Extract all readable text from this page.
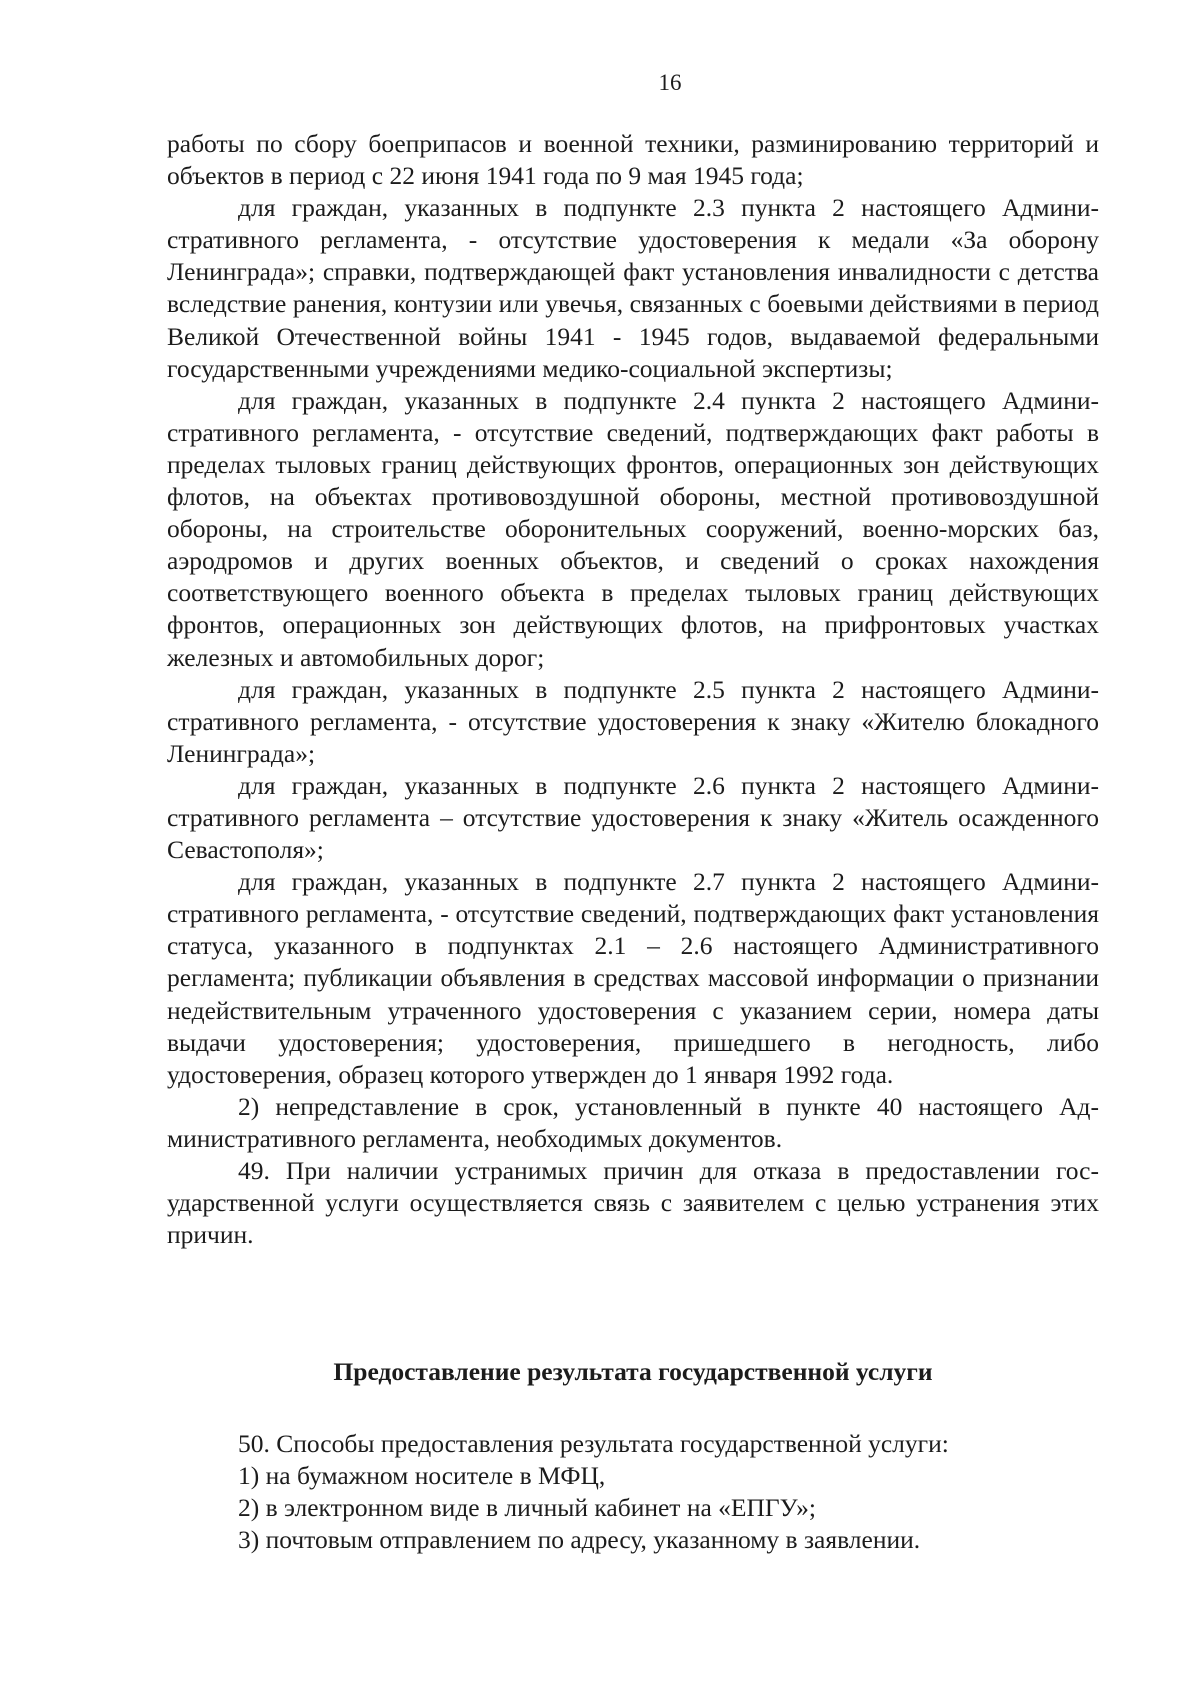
16

работы по сбору боеприпасов и военной техники, разминированию территорий и объектов в период с 22 июня 1941 года по 9 мая 1945 года;

для граждан, указанных в подпункте 2.3 пункта 2 настоящего Административного регламента, - отсутствие удостоверения к медали «За оборону Ленинграда»; справки, подтверждающей факт установления инвалидности с детства вследствие ранения, контузии или увечья, связанных с боевыми действиями в период Великой Отечественной войны 1941 - 1945 годов, выдаваемой федеральными государственными учреждениями медико-социальной экспертизы;

для граждан, указанных в подпункте 2.4 пункта 2 настоящего Административного регламента, - отсутствие сведений, подтверждающих факт работы в пределах тыловых границ действующих фронтов, операционных зон действующих флотов, на объектах противовоздушной обороны, местной противовоздушной обороны, на строительстве оборонительных сооружений, военно-морских баз, аэродромов и других военных объектов, и сведений о сроках нахождения соответствующего военного объекта в пределах тыловых границ действующих фронтов, операционных зон действующих флотов, на прифронтовых участках железных и автомобильных дорог;

для граждан, указанных в подпункте 2.5 пункта 2 настоящего Административного регламента, - отсутствие удостоверения к знаку «Жителю блокадного Ленинграда»;

для граждан, указанных в подпункте 2.6 пункта 2 настоящего Административного регламента – отсутствие удостоверения к знаку «Житель осажденного Севастополя»;

для граждан, указанных в подпункте 2.7 пункта 2 настоящего Административного регламента, - отсутствие сведений, подтверждающих факт установления статуса, указанного в подпунктах 2.1 – 2.6 настоящего Административного регламента; публикации объявления в средствах массовой информации о признании недействительным утраченного удостоверения с указанием серии, номера даты выдачи удостоверения; удостоверения, пришедшего в негодность, либо удостоверения, образец которого утвержден до 1 января 1992 года.

2) непредставление в срок, установленный в пункте 40 настоящего Административного регламента, необходимых документов.

49. При наличии устранимых причин для отказа в предоставлении государственной услуги осуществляется связь с заявителем с целью устранения этих причин.

Предоставление результата государственной услуги

50. Способы предоставления результата государственной услуги:

1) на бумажном носителе в МФЦ,

2) в электронном виде в личный кабинет на «ЕПГУ»;

3) почтовым отправлением по адресу, указанному в заявлении.
